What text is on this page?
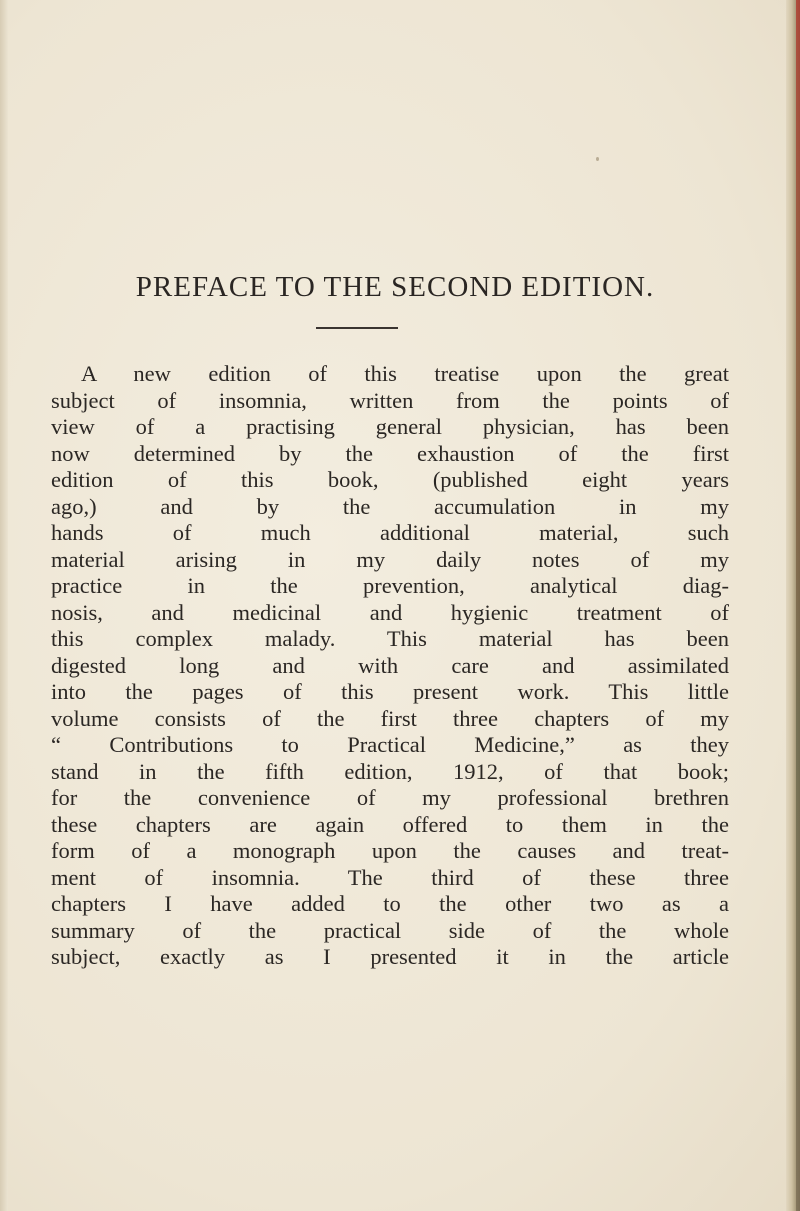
PREFACE TO THE SECOND EDITION.
A new edition of this treatise upon the great
subject of insomnia, written from the points of
view of a practising general physician, has been
now determined by the exhaustion of the first
edition of this book, (published eight years
ago,) and by the accumulation in my
hands of much additional material, such
material arising in my daily notes of my
practice in the prevention, analytical diag-
nosis, and medicinal and hygienic treatment of
this complex malady. This material has been
digested long and with care and assimilated
into the pages of this present work. This little
volume consists of the first three chapters of my
“ Contributions to Practical Medicine,” as they
stand in the fifth edition, 1912, of that book;
for the convenience of my professional brethren
these chapters are again offered to them in the
form of a monograph upon the causes and treat-
ment of insomnia. The third of these three
chapters I have added to the other two as a
summary of the practical side of the whole
subject, exactly as I presented it in the article
